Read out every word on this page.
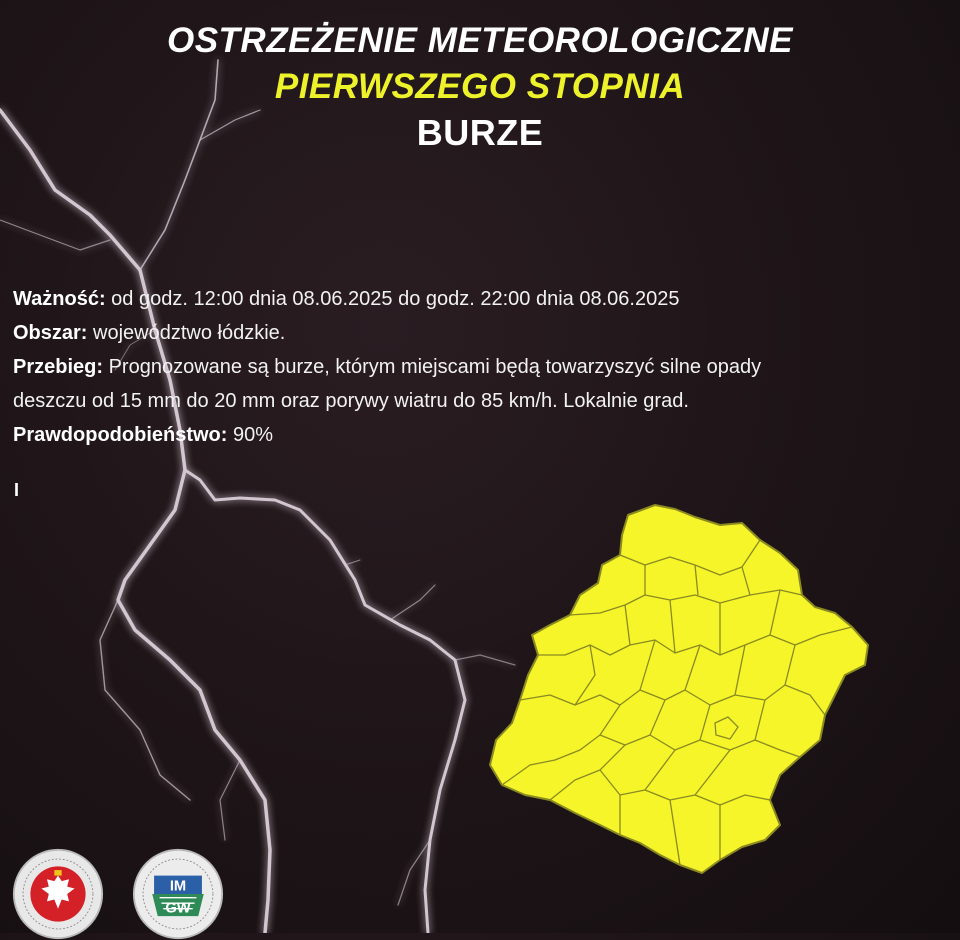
OSTRZEŻENIE METEOROLOGICZNE
PIERWSZEGO STOPNIA
BURZE
Ważność: od godz. 12:00 dnia 08.06.2025 do godz. 22:00 dnia 08.06.2025
Obszar: województwo łódzkie.
Przebieg: Prognozowane są burze, którym miejscami będą towarzyszyć silne opady
deszczu od 15 mm do 20 mm oraz porywy wiatru do 85 km/h. Lokalnie grad.
Prawdopodobieństwo: 90%
I
IM
GW
